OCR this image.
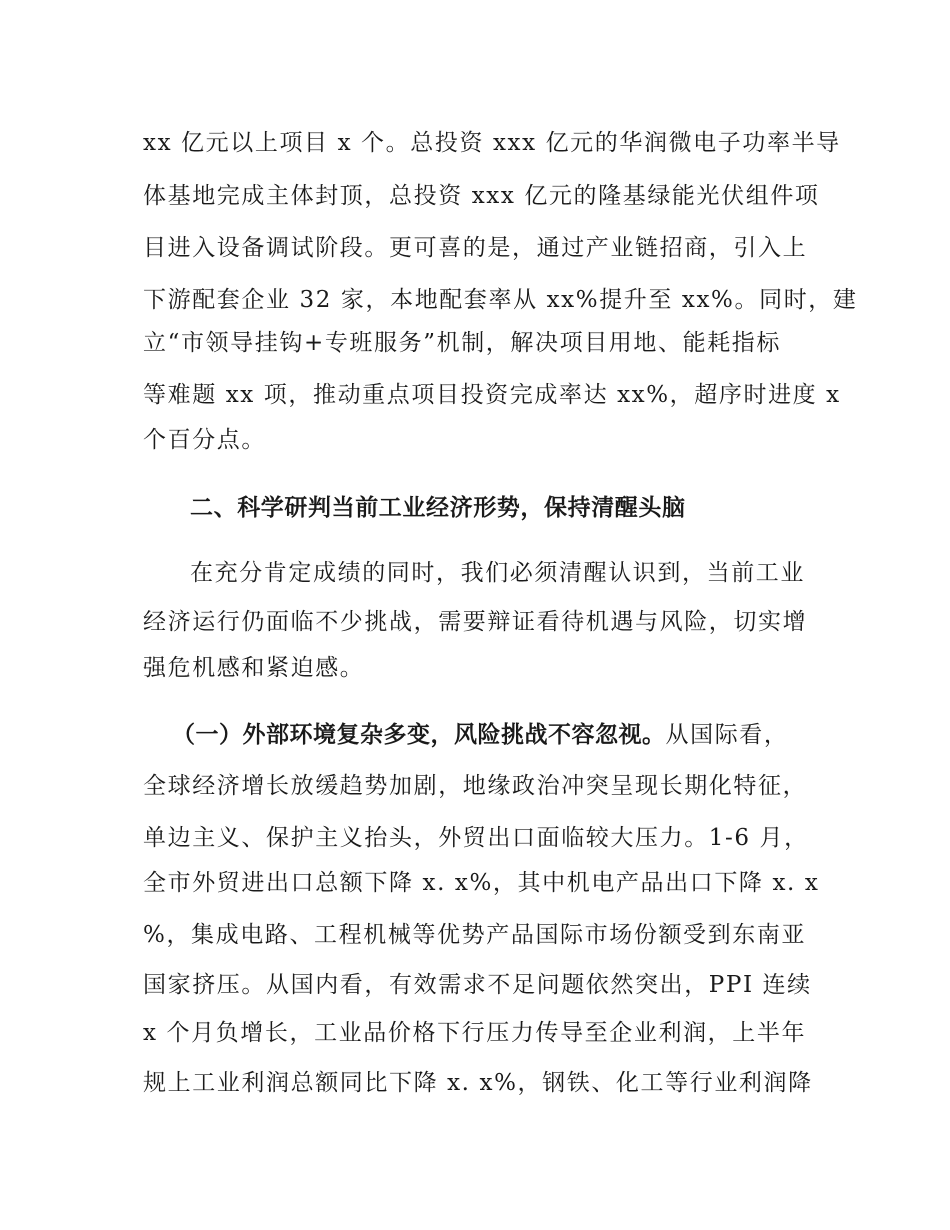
xx 亿元以上项目 x 个。总投资 xxx 亿元的华润微电子功率半导
体基地完成主体封顶，总投资 xxx 亿元的隆基绿能光伏组件项
目进入设备调试阶段。更可喜的是，通过产业链招商，引入上
下游配套企业 32 家，本地配套率从 xx%提升至 xx%。同时，建
立“市领导挂钩+专班服务”机制，解决项目用地、能耗指标
等难题 xx 项，推动重点项目投资完成率达 xx%，超序时进度 x
个百分点。
二、科学研判当前工业经济形势，保持清醒头脑
在充分肯定成绩的同时，我们必须清醒认识到，当前工业
经济运行仍面临不少挑战，需要辩证看待机遇与风险，切实增
强危机感和紧迫感。
（一）外部环境复杂多变，风险挑战不容忽视。从国际看，
全球经济增长放缓趋势加剧，地缘政治冲突呈现长期化特征，
单边主义、保护主义抬头，外贸出口面临较大压力。1-6 月，
全市外贸进出口总额下降 x. x%，其中机电产品出口下降 x. x
%，集成电路、工程机械等优势产品国际市场份额受到东南亚
国家挤压。从国内看，有效需求不足问题依然突出，PPI 连续
x 个月负增长，工业品价格下行压力传导至企业利润，上半年
规上工业利润总额同比下降 x. x%，钢铁、化工等行业利润降
